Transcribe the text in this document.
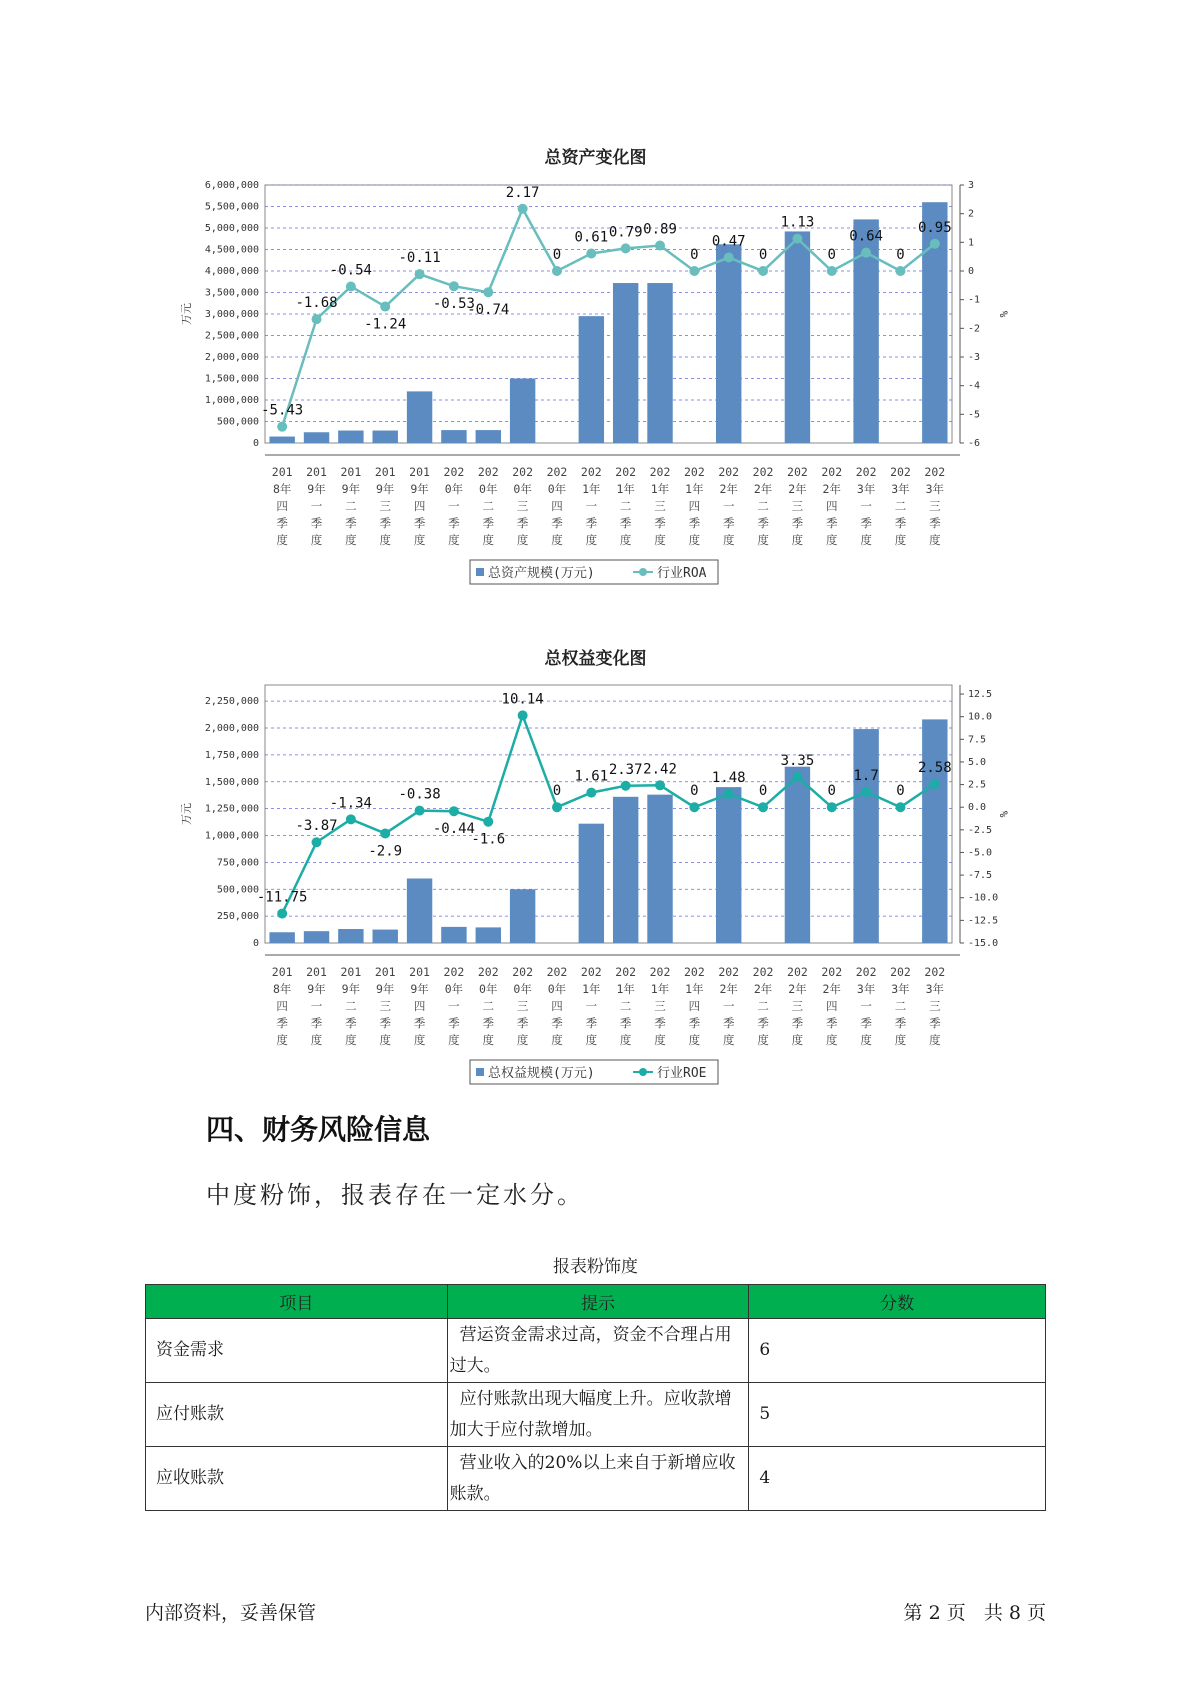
总资产变化图
6,000,000
5,500,000
5,000,000
4,500,000
4,000,000
3,500,000
3,000,000
2,500,000
2,000,000
1,500,000
1,000,000
500,000
0
3
2
1
0
-1
-2
-3
-4
-5
-6
万元	%
-5.43
-1.68
-0.54
-1.24
-0.11
-0.53
-0.74
2.17
0
0.61 0.79 0.89
0
0.47
0
1.13
0
0.64
0
0.95
201
8年
四
季
度
201
9年
一
季
度
201
9年
二
季
度
201
9年
三
季
度
201
9年
四
季
度
202
0年
一
季
度
202
0年
二
季
度
202
0年
三
季
度
202
0年
四
季
度
202
1年
一
季
度
202
1年
二
季
度
202
1年
三
季
度
202
1年
四
季
度
202
2年
一
季
度
202
2年
二
季
度
202
2年
三
季
度
202
2年
四
季
度
202
3年
一
季
度
202
3年
二
季
度
202
3年
三
季
度
总资产规模(万元)	行业ROA
总权益变化图
2,250,000
2,000,000
1,750,000
1,500,000
1,250,000
1,000,000
750,000
500,000
250,000
0
12.5
10.0
7.5
5.0
2.5
0.0
-2.5
-5.0
-7.5
-10.0
-12.5
-15.0
万元	%
-11.75
-3.87
-1.34
-2.9
-0.38
-0.44
-1.6
10.14
0
1.61 2.37 2.42
0
1.48
0
3.35
0
1.7
0
2.58
201
8年
四
季
度
201
9年
一
季
度
201
9年
二
季
度
201
9年
三
季
度
201
9年
四
季
度
202
0年
一
季
度
202
0年
二
季
度
202
0年
三
季
度
202
0年
四
季
度
202
1年
一
季
度
202
1年
二
季
度
202
1年
三
季
度
202
1年
四
季
度
202
2年
一
季
度
202
2年
二
季
度
202
2年
三
季
度
202
2年
四
季
度
202
3年
一
季
度
202
3年
二
季
度
202
3年
三
季
度
总权益规模(万元)	行业ROE
四、财务风险信息
中度粉饰，报表存在一定水分。
报表粉饰度
项目	提示	分数
资金需求	营运资金需求过高，资金不合理占用过大。	6
应付账款	应付账款出现大幅度上升。应收款增加大于应付款增加。	5
应收账款	营业收入的20%以上来自于新增应收账款。	4
内部资料，妥善保管	第 2 页   共 8 页
